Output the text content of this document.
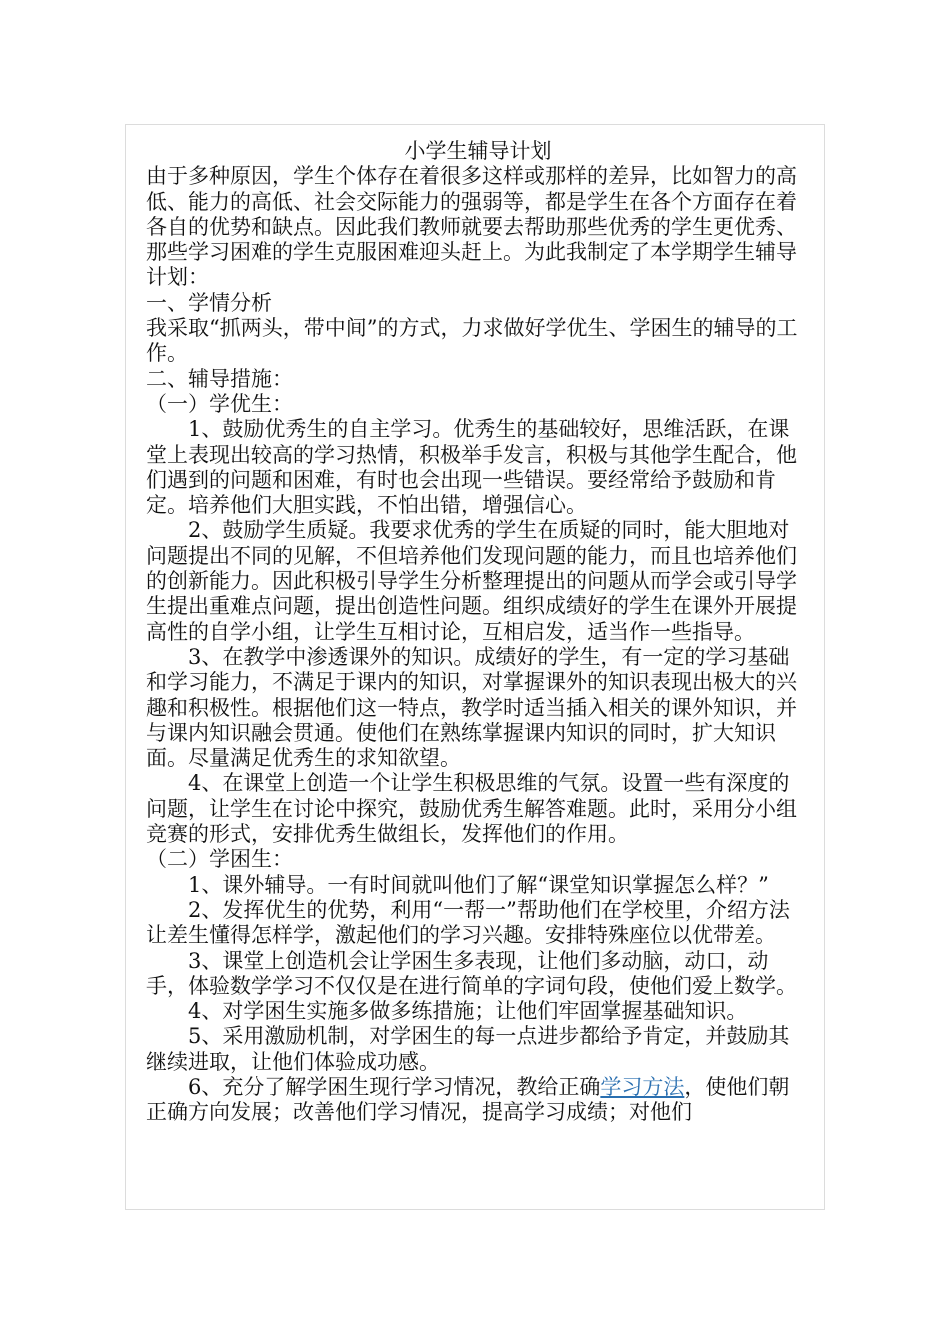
小学生辅导计划

由于多种原因，学生个体存在着很多这样或那样的差异，比如智力的高低、能力的高低、社会交际能力的强弱等，都是学生在各个方面存在着各自的优势和缺点。因此我们教师就要去帮助那些优秀的学生更优秀、那些学习困难的学生克服困难迎头赶上。为此我制定了本学期学生辅导计划：

一、学情分析

我采取“抓两头，带中间”的方式，力求做好学优生、学困生的辅导的工作。

二、辅导措施：

（一）学优生：

1、鼓励优秀生的自主学习。优秀生的基础较好，思维活跃，在课堂上表现出较高的学习热情，积极举手发言，积极与其他学生配合，他们遇到的问题和困难，有时也会出现一些错误。要经常给予鼓励和肯定。培养他们大胆实践，不怕出错，增强信心。

2、鼓励学生质疑。我要求优秀的学生在质疑的同时，能大胆地对问题提出不同的见解，不但培养他们发现问题的能力，而且也培养他们的创新能力。因此积极引导学生分析整理提出的问题从而学会或引导学生提出重难点问题，提出创造性问题。组织成绩好的学生在课外开展提高性的自学小组，让学生互相讨论，互相启发，适当作一些指导。

3、在教学中渗透课外的知识。成绩好的学生，有一定的学习基础和学习能力，不满足于课内的知识，对掌握课外的知识表现出极大的兴趣和积极性。根据他们这一特点，教学时适当插入相关的课外知识，并与课内知识融会贯通。使他们在熟练掌握课内知识的同时，扩大知识面。尽量满足优秀生的求知欲望。

4、在课堂上创造一个让学生积极思维的气氛。设置一些有深度的问题，让学生在讨论中探究，鼓励优秀生解答难题。此时，采用分小组竞赛的形式，安排优秀生做组长，发挥他们的作用。

（二）学困生：

1、课外辅导。一有时间就叫他们了解“课堂知识掌握怎么样？”

2、发挥优生的优势，利用“一帮一”帮助他们在学校里，介绍方法让差生懂得怎样学，激起他们的学习兴趣。安排特殊座位以优带差。

3、课堂上创造机会让学困生多表现，让他们多动脑，动口，动手，体验数学学习不仅仅是在进行简单的字词句段，使他们爱上数学。

4、对学困生实施多做多练措施；让他们牢固掌握基础知识。

5、采用激励机制，对学困生的每一点进步都给予肯定，并鼓励其继续进取，让他们体验成功感。

6、充分了解学困生现行学习情况，教给正确学习方法，使他们朝正确方向发展；改善他们学习情况，提高学习成绩；对他们
